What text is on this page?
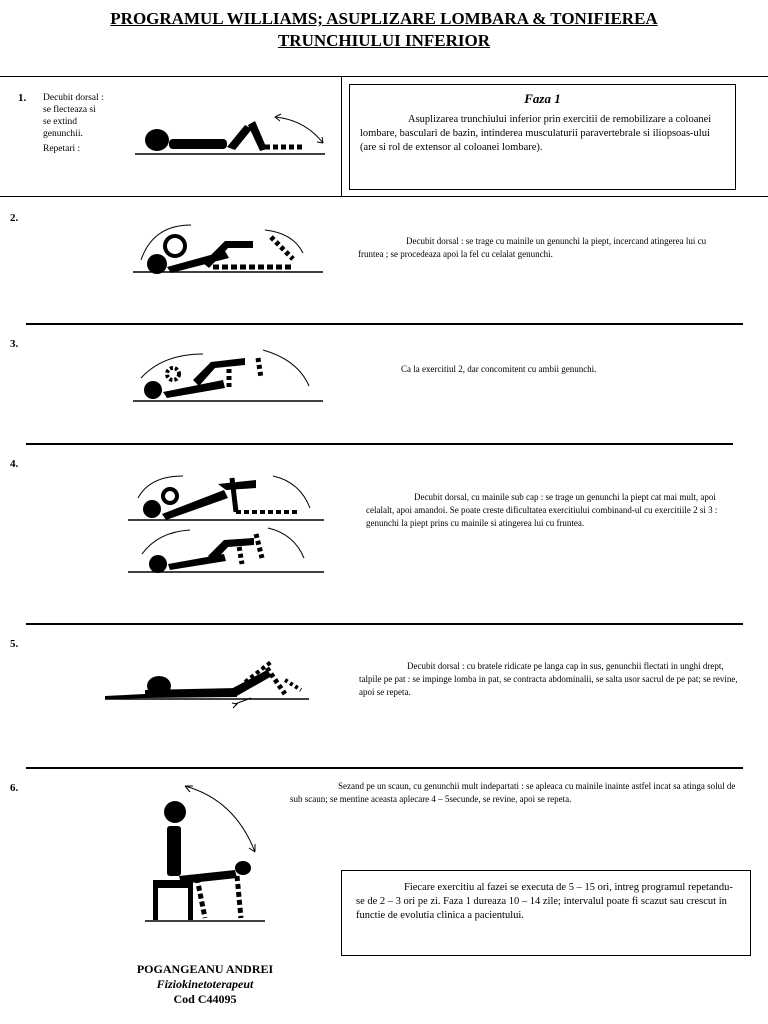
PROGRAMUL WILLIAMS; ASUPLIZARE LOMBARA & TONIFIEREA
TRUNCHIULUI INFERIOR
1. Decubit dorsal :
se flecteaza si
se extind
genunchii.
Repetari :
Faza 1
Asuplizarea trunchiului inferior prin exercitii de remobilizare a coloanei lombare, basculari de bazin, intinderea musculaturii paravertebrale si iliopsoas-ului (are si rol de extensor al coloanei lombare).
2.
Decubit dorsal : se trage cu mainile un genunchi la piept, incercand atingerea lui cu fruntea ; se procedeaza apoi la fel cu celalat genunchi.
3.
Ca la exercitiul 2, dar concomitent cu ambii genunchi.
4.
Decubit dorsal, cu mainile sub cap : se trage un genunchi la piept cat mai mult, apoi celalalt, apoi amandoi. Se poate creste dificultatea exercitiului combinand-ul cu exercitiile 2 si 3 : genunchi la piept prins cu mainile si atingerea lui cu fruntea.
5.
Decubit dorsal : cu bratele ridicate pe langa cap in sus, genunchii flectati in unghi drept, talpile pe pat : se impinge lomba in pat, se contracta abdominalii, se salta usor sacrul de pe pat; se revine, apoi se repeta.
6.	Sezand pe un scaun, cu genunchii mult indepartati : se apleaca cu mainile inainte astfel incat sa atinga solul de sub scaun; se mentine aceasta aplecare 4 – 5secunde, se revine, apoi se repeta.
Fiecare exercitiu al fazei se executa de 5 – 15 ori, intreg programul repetandu-se de 2 – 3 ori pe zi. Faza 1 dureaza 10 – 14 zile; intervalul poate fi scazut sau crescut in functie de evolutia clinica a pacientului.
POGANGEANU ANDREI
Fiziokinetoterapeut
Cod C44095
